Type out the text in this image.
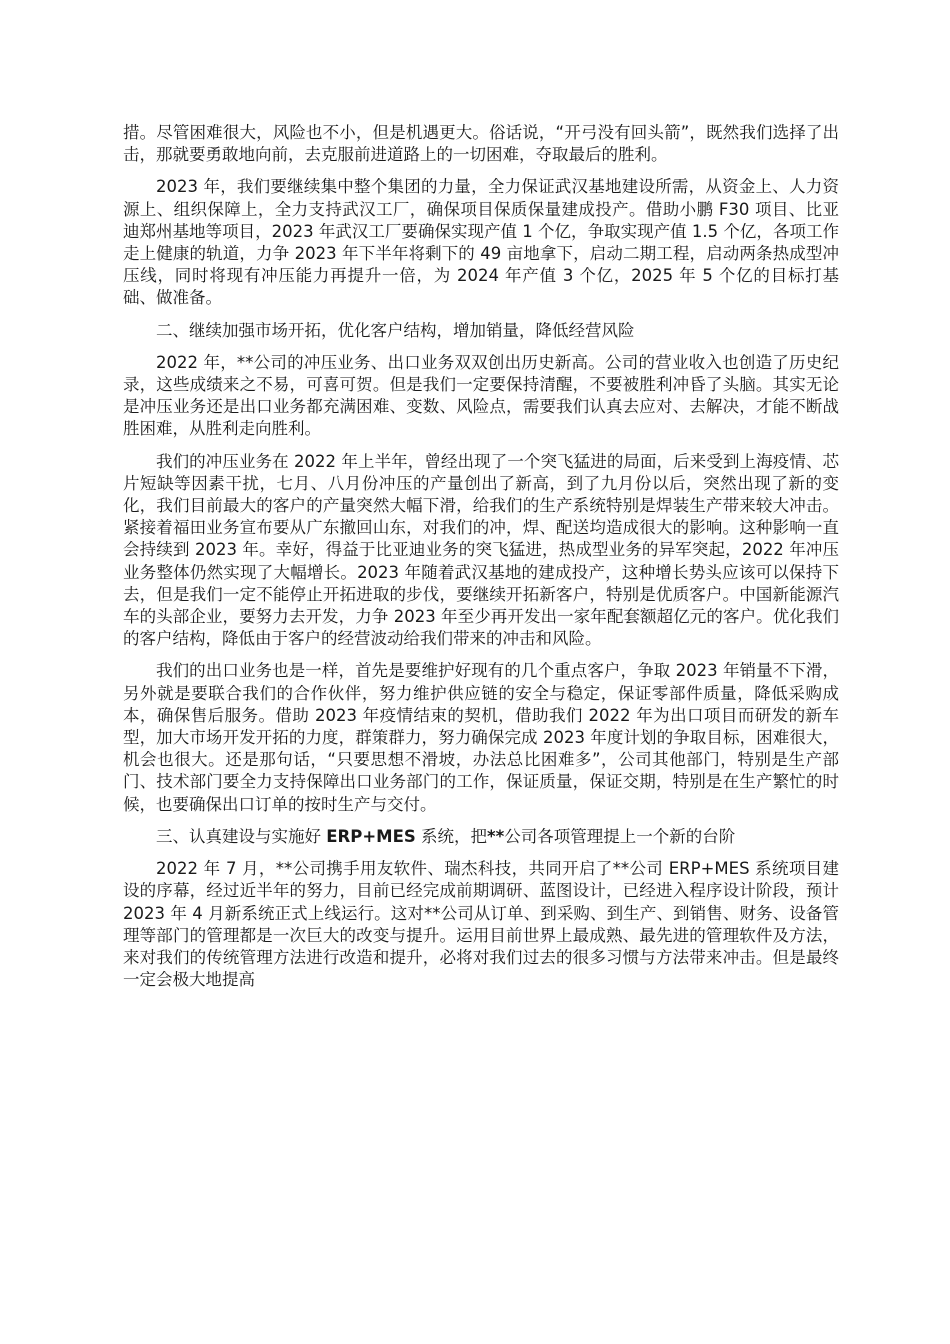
措。尽管困难很大，风险也不小，但是机遇更大。俗话说，“开弓没有回头箭”，既然我们选择了出击，那就要勇敢地向前，去克服前进道路上的一切困难，夺取最后的胜利。

2023 年，我们要继续集中整个集团的力量，全力保证武汉基地建设所需，从资金上、人力资源上、组织保障上，全力支持武汉工厂，确保项目保质保量建成投产。借助小鹏 F30 项目、比亚迪郑州基地等项目，2023 年武汉工厂要确保实现产值 1 个亿，争取实现产值 1.5 个亿，各项工作走上健康的轨道，力争 2023 年下半年将剩下的 49 亩地拿下，启动二期工程，启动两条热成型冲压线，同时将现有冲压能力再提升一倍，为 2024 年产值 3 个亿，2025 年 5 个亿的目标打基础、做准备。

二、继续加强市场开拓，优化客户结构，增加销量，降低经营风险

2022 年，**公司的冲压业务、出口业务双双创出历史新高。公司的营业收入也创造了历史纪录，这些成绩来之不易，可喜可贺。但是我们一定要保持清醒，不要被胜利冲昏了头脑。其实无论是冲压业务还是出口业务都充满困难、变数、风险点，需要我们认真去应对、去解决，才能不断战胜困难，从胜利走向胜利。

我们的冲压业务在 2022 年上半年，曾经出现了一个突飞猛进的局面，后来受到上海疫情、芯片短缺等因素干扰，七月、八月份冲压的产量创出了新高，到了九月份以后，突然出现了新的变化，我们目前最大的客户的产量突然大幅下滑，给我们的生产系统特别是焊装生产带来较大冲击。紧接着福田业务宣布要从广东撤回山东，对我们的冲，焊、配送均造成很大的影响。这种影响一直会持续到 2023 年。幸好，得益于比亚迪业务的突飞猛进，热成型业务的异军突起，2022 年冲压业务整体仍然实现了大幅增长。2023 年随着武汉基地的建成投产，这种增长势头应该可以保持下去，但是我们一定不能停止开拓进取的步伐，要继续开拓新客户，特别是优质客户。中国新能源汽车的头部企业，要努力去开发，力争 2023 年至少再开发出一家年配套额超亿元的客户。优化我们的客户结构，降低由于客户的经营波动给我们带来的冲击和风险。

我们的出口业务也是一样，首先是要维护好现有的几个重点客户，争取 2023 年销量不下滑，另外就是要联合我们的合作伙伴，努力维护供应链的安全与稳定，保证零部件质量，降低采购成本，确保售后服务。借助 2023 年疫情结束的契机，借助我们 2022 年为出口项目而研发的新车型，加大市场开发开拓的力度，群策群力，努力确保完成 2023 年度计划的争取目标，困难很大，机会也很大。还是那句话，“只要思想不滑坡，办法总比困难多”，公司其他部门，特别是生产部门、技术部门要全力支持保障出口业务部门的工作，保证质量，保证交期，特别是在生产繁忙的时候，也要确保出口订单的按时生产与交付。

三、认真建设与实施好 ERP+MES 系统，把**公司各项管理提上一个新的台阶

2022 年 7 月，**公司携手用友软件、瑞杰科技，共同开启了**公司 ERP+MES 系统项目建设的序幕，经过近半年的努力，目前已经完成前期调研、蓝图设计，已经进入程序设计阶段，预计 2023 年 4 月新系统正式上线运行。这对**公司从订单、到采购、到生产、到销售、财务、设备管理等部门的管理都是一次巨大的改变与提升。运用目前世界上最成熟、最先进的管理软件及方法，来对我们的传统管理方法进行改造和提升，必将对我们过去的很多习惯与方法带来冲击。但是最终一定会极大地提高
